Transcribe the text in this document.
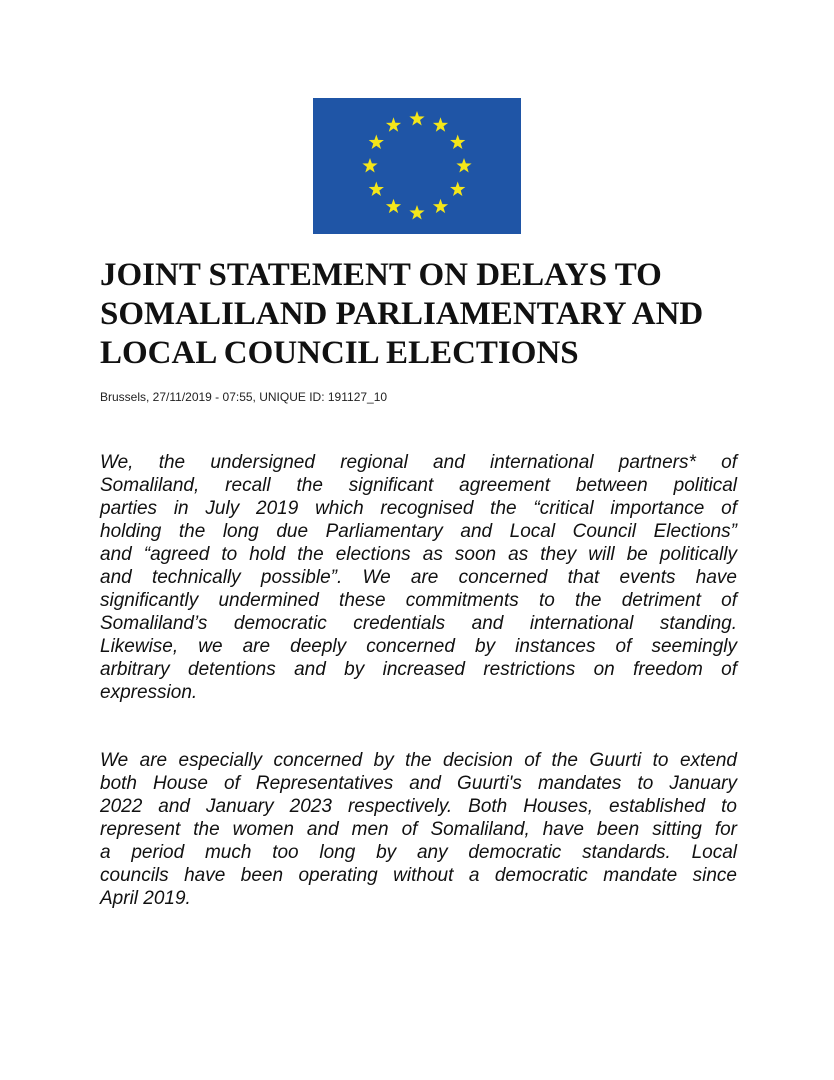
JOINT STATEMENT ON DELAYS TO
SOMALILAND PARLIAMENTARY AND
LOCAL COUNCIL ELECTIONS
Brussels, 27/11/2019 - 07:55, UNIQUE ID: 191127_10
We, the undersigned regional and international partners* of
Somaliland, recall the significant agreement between political
parties in July 2019 which recognised the “critical importance of
holding the long due Parliamentary and Local Council Elections”
and “agreed to hold the elections as soon as they will be politically
and technically possible”. We are concerned that events have
significantly undermined these commitments to the detriment of
Somaliland’s democratic credentials and international standing.
Likewise, we are deeply concerned by instances of seemingly
arbitrary detentions and by increased restrictions on freedom of
expression.
We are especially concerned by the decision of the Guurti to extend
both House of Representatives and Guurti's mandates to January
2022 and January 2023 respectively. Both Houses, established to
represent the women and men of Somaliland, have been sitting for
a period much too long by any democratic standards. Local
councils have been operating without a democratic mandate since
April 2019.
